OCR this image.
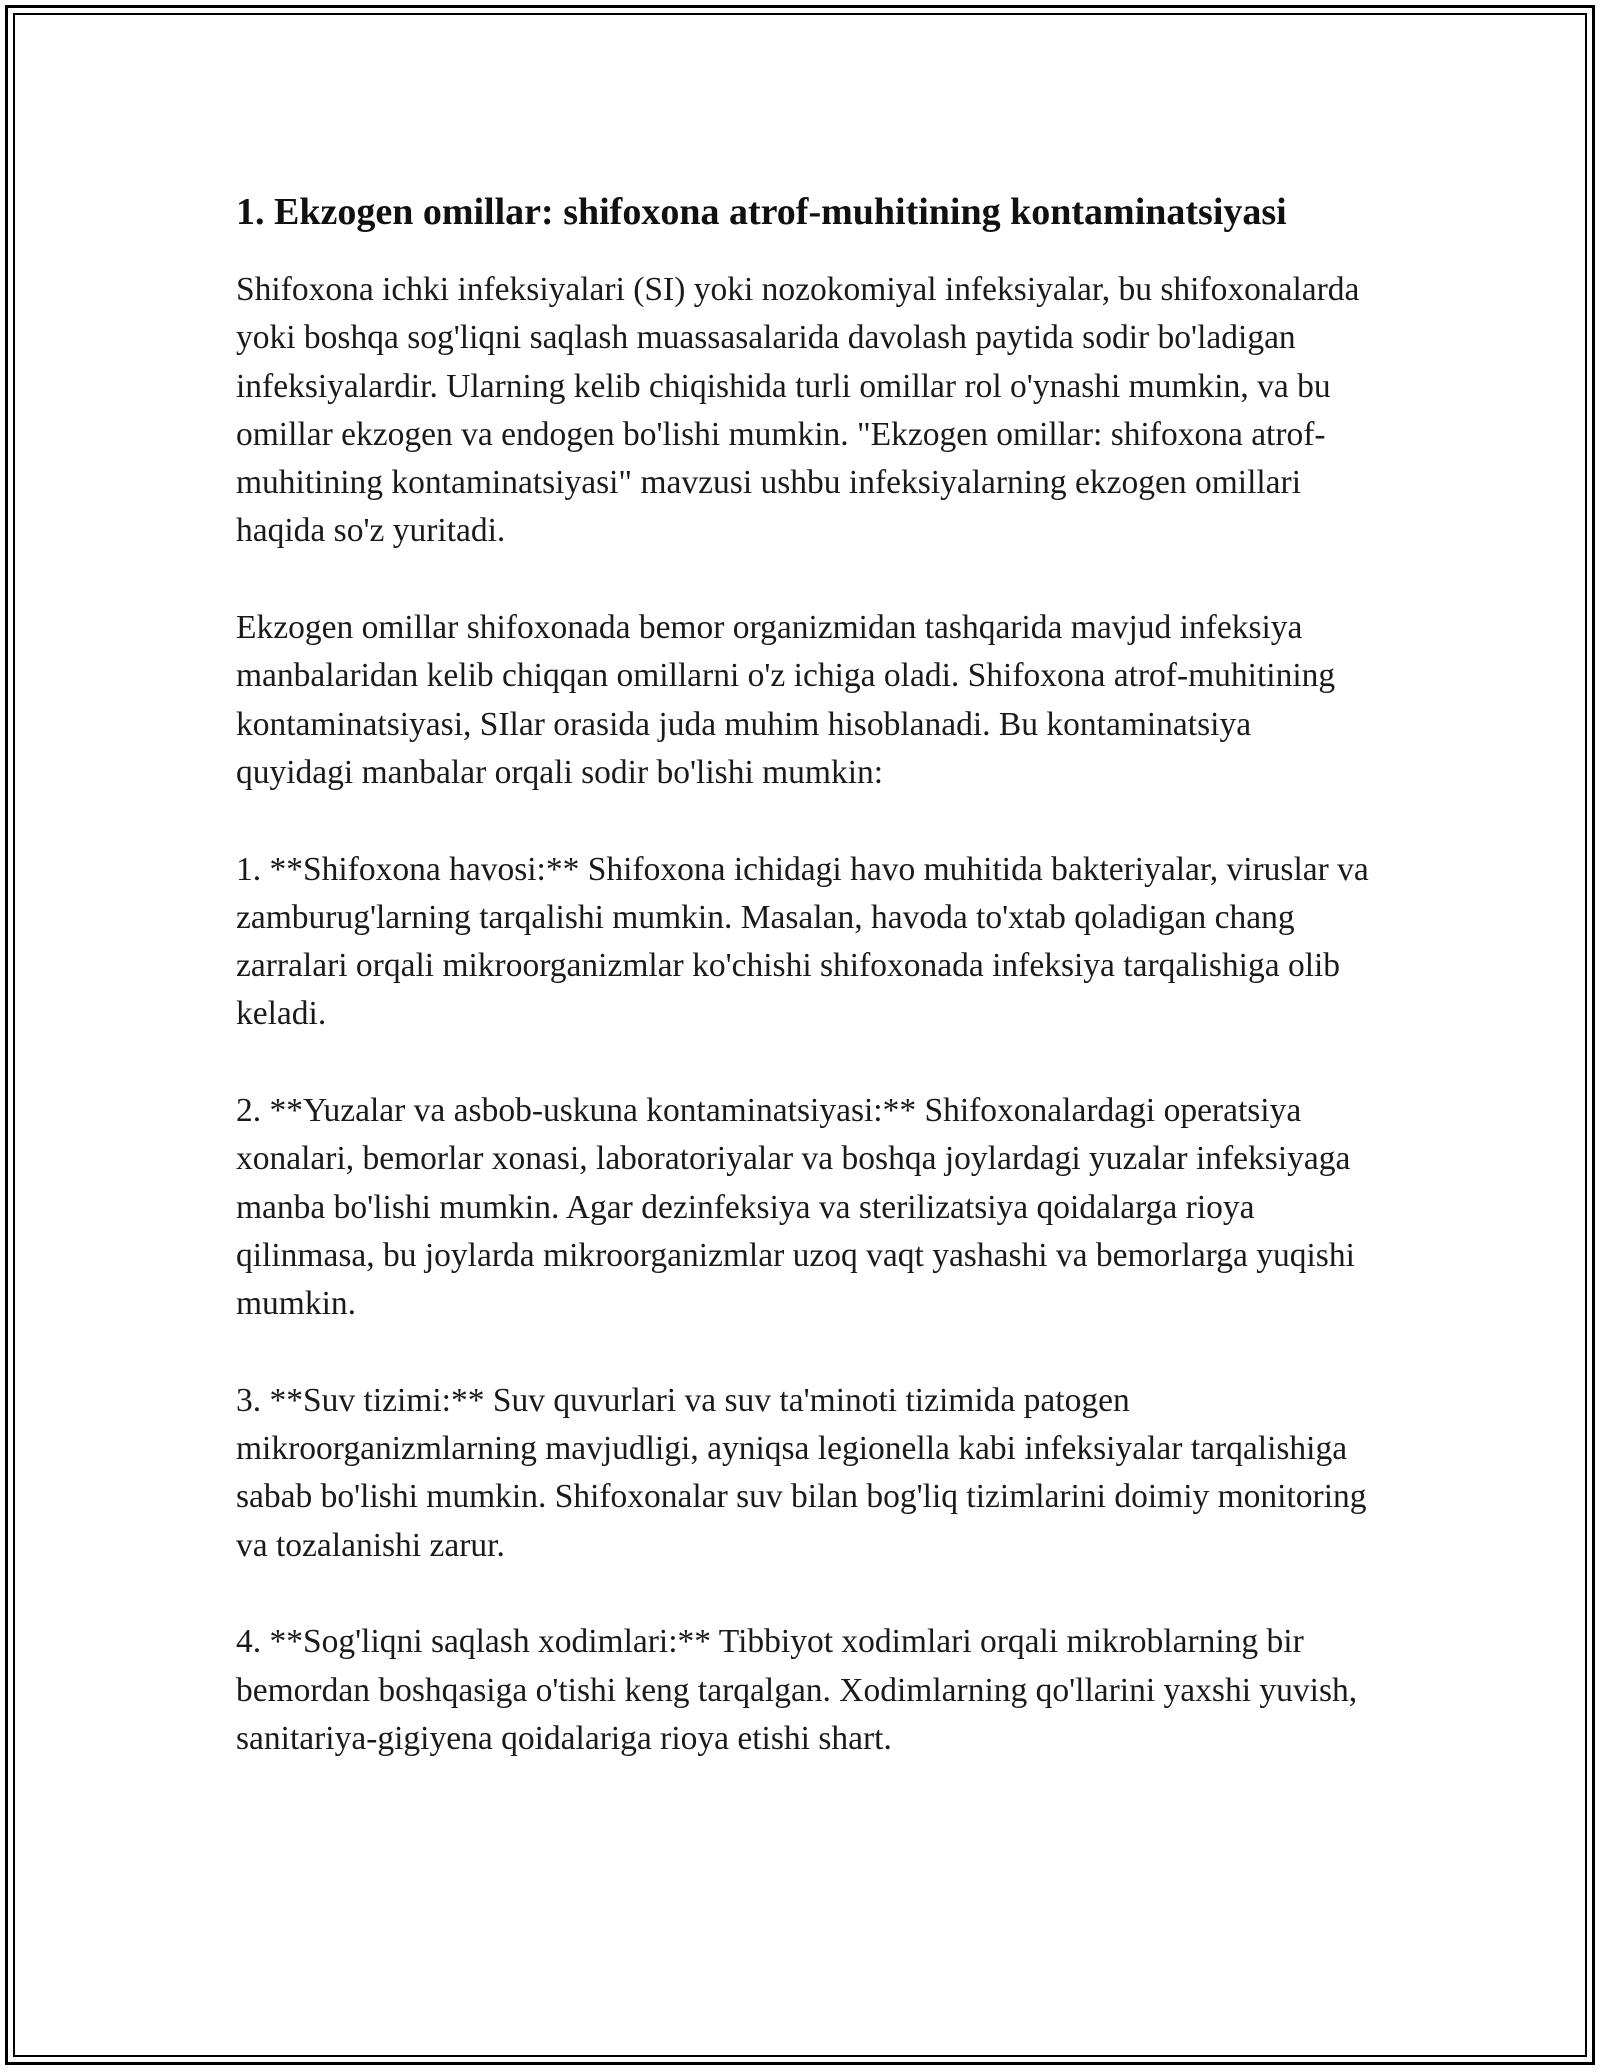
1. Ekzogen omillar: shifoxona atrof-muhitining kontaminatsiyasi

Shifoxona ichki infeksiyalari (SI) yoki nozokomiyal infeksiyalar, bu shifoxonalarda yoki boshqa sog'liqni saqlash muassasalarida davolash paytida sodir bo'ladigan infeksiyalardir. Ularning kelib chiqishida turli omillar rol o'ynashi mumkin, va bu omillar ekzogen va endogen bo'lishi mumkin. "Ekzogen omillar: shifoxona atrof-muhitining kontaminatsiyasi" mavzusi ushbu infeksiyalarning ekzogen omillari haqida so'z yuritadi.

Ekzogen omillar shifoxonada bemor organizmidan tashqarida mavjud infeksiya manbalaridan kelib chiqqan omillarni o'z ichiga oladi. Shifoxona atrof-muhitining kontaminatsiyasi, SIlar orasida juda muhim hisoblanadi. Bu kontaminatsiya quyidagi manbalar orqali sodir bo'lishi mumkin:

1. **Shifoxona havosi:** Shifoxona ichidagi havo muhitida bakteriyalar, viruslar va zamburug'larning tarqalishi mumkin. Masalan, havoda to'xtab qoladigan chang zarralari orqali mikroorganizmlar ko'chishi shifoxonada infeksiya tarqalishiga olib keladi.

2. **Yuzalar va asbob-uskuna kontaminatsiyasi:** Shifoxonalardagi operatsiya xonalari, bemorlar xonasi, laboratoriyalar va boshqa joylardagi yuzalar infeksiyaga manba bo'lishi mumkin. Agar dezinfeksiya va sterilizatsiya qoidalarga rioya qilinmasa, bu joylarda mikroorganizmlar uzoq vaqt yashashi va bemorlarga yuqishi mumkin.

3. **Suv tizimi:** Suv quvurlari va suv ta'minoti tizimida patogen mikroorganizmlarning mavjudligi, ayniqsa legionella kabi infeksiyalar tarqalishiga sabab bo'lishi mumkin. Shifoxonalar suv bilan bog'liq tizimlarini doimiy monitoring va tozalanishi zarur.

4. **Sog'liqni saqlash xodimlari:** Tibbiyot xodimlari orqali mikroblarning bir bemordan boshqasiga o'tishi keng tarqalgan. Xodimlarning qo'llarini yaxshi yuvish, sanitariya-gigiyena qoidalariga rioya etishi shart.
